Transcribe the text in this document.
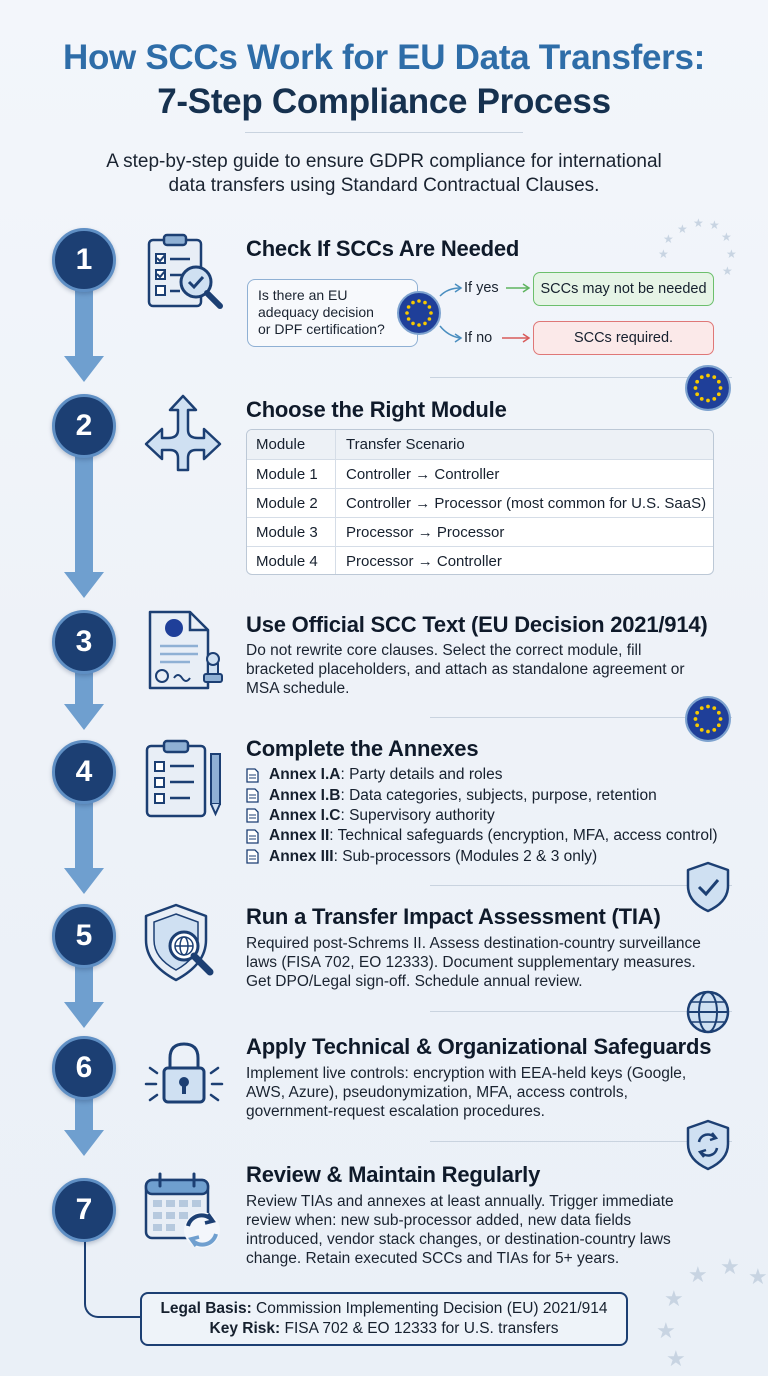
How SCCs Work for EU Data Transfers:
7-Step Compliance Process
A step-by-step guide to ensure GDPR compliance for international
data transfers using Standard Contractual Clauses.
★
★ ★ ★
★
★
★
★
★ ★ ★
★
★
★
1
2
3
4
5
6
7
Check If SCCs Are Needed
Is there an EU
adequacy decision
or DPF certification?
If yes
If no
SCCs may not be needed
SCCs required.
Choose the Right Module
Module	Transfer Scenario
Module 1	Controller → Controller
Module 2	Controller → Processor (most common for U.S. SaaS)
Module 3	Processor → Processor
Module 4	Processor → Controller
Use Official SCC Text (EU Decision 2021/914)
Do not rewrite core clauses. Select the correct module, fill
bracketed placeholders, and attach as standalone agreement or
MSA schedule.
Complete the Annexes
Annex I.A : Party details and roles
Annex I.B : Data categories, subjects, purpose, retention
Annex I.C : Supervisory authority
Annex II : Technical safeguards (encryption, MFA, access control)
Annex III : Sub-processors (Modules 2 & 3 only)
Run a Transfer Impact Assessment (TIA)
Required post-Schrems II. Assess destination-country surveillance
laws (FISA 702, EO 12333). Document supplementary measures.
Get DPO/Legal sign-off. Schedule annual review.
Apply Technical & Organizational Safeguards
Implement live controls: encryption with EEA-held keys (Google,
AWS, Azure), pseudonymization, MFA, access controls,
government-request escalation procedures.
Review & Maintain Regularly
Review TIAs and annexes at least annually. Trigger immediate
review when: new sub-processor added, new data fields
introduced, vendor stack changes, or destination-country laws
change. Retain executed SCCs and TIAs for 5+ years.
Legal Basis: Commission Implementing Decision (EU) 2021/914
Key Risk: FISA 702 & EO 12333 for U.S. transfers
